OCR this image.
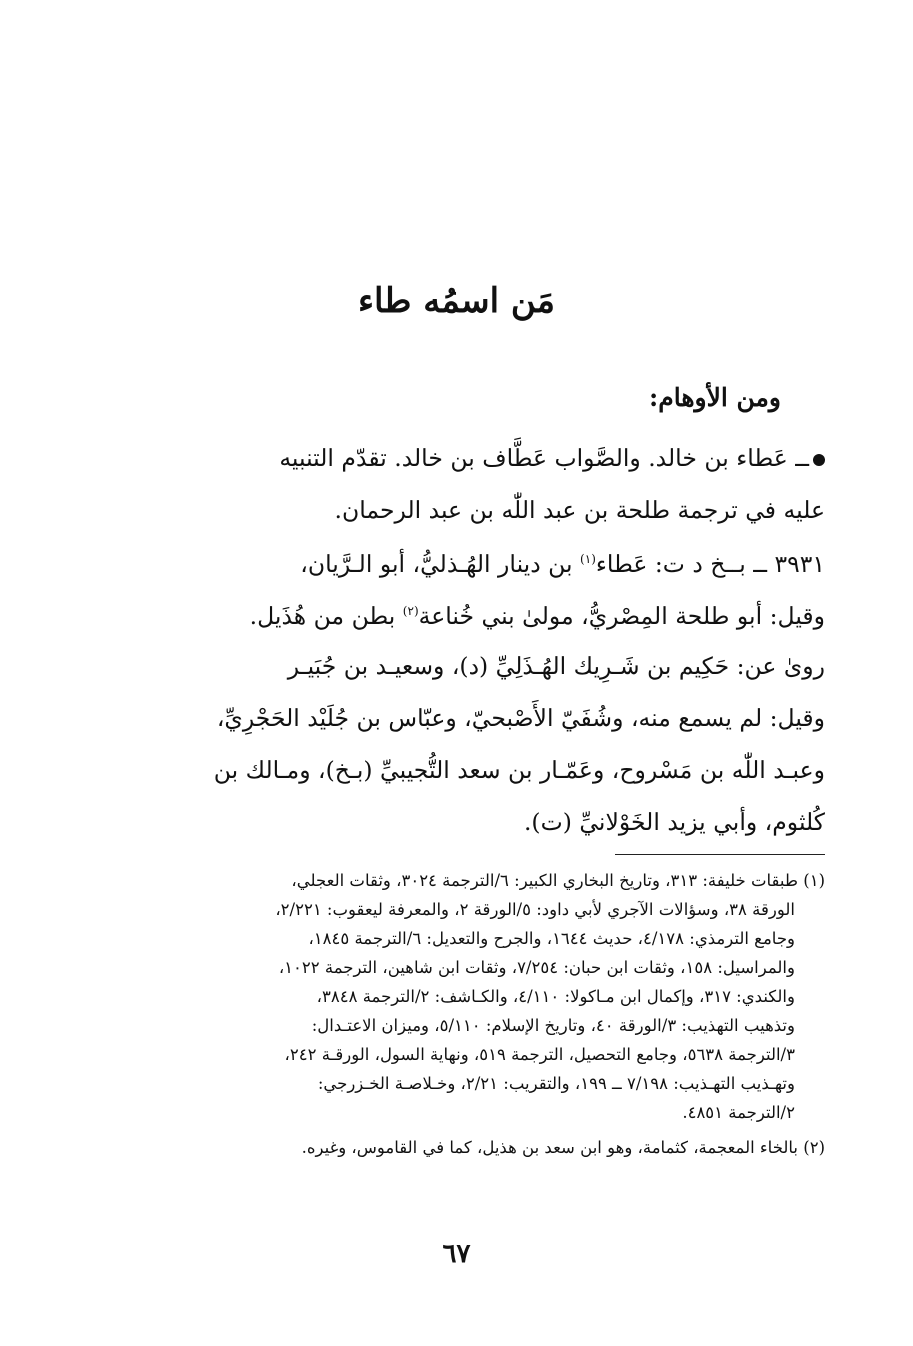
مَن اسمُه طاء
ومن الأوهام:
ــ عَطاء بن خالد. والصَّواب عَطَّاف بن خالد. تقدّم التنبيه
عليه في ترجمة طلحة بن عبد اللّٰه بن عبد الرحمان.
٣٩٣١ ــ بــخ د ت: عَطاء$^{(١)}$ بن دينار الهُـذليُّ، أبو الـرَّيان،
وقيل: أبو طلحة المِصْريُّ، مولىٰ بني خُناعة$^{(٢)}$ بطن من هُذَيل.
روىٰ عن: حَكِيم بن شَـرِيك الهُـذَلِيِّ (د)، وسعيـد بن جُبَيـر
وقيل: لم يسمع منه، وشُفَيّ الأَصْبحيّ، وعبّاس بن جُلَيْد الحَجْرِيِّ،
وعبـد اللّٰه بن مَسْروح، وعَمّـار بن سعد التُّجيبيِّ (بـخ)، ومـالك بن
كُلثوم، وأبي يزيد الخَوْلانيِّ (ت).
(١) طبقات خليفة: ٣١٣، وتاريخ البخاري الكبير: ٦/الترجمة ٣٠٢٤، وثقات العجلي،
الورقة ٣٨، وسؤالات الآجري لأبي داود: ٥/الورقة ٢، والمعرفة ليعقوب: ٢/٢٢١،
وجامع الترمذي: ٤/١٧٨، حديث ١٦٤٤، والجرح والتعديل: ٦/الترجمة ١٨٤٥،
والمراسيل: ١٥٨، وثقات ابن حبان: ٧/٢٥٤، وثقات ابن شاهين، الترجمة ١٠٢٢،
والكندي: ٣١٧، وإكمال ابن مـاكولا: ٤/١١٠، والكـاشف: ٢/الترجمة ٣٨٤٨،
وتذهيب التهذيب: ٣/الورقة ٤٠، وتاريخ الإسلام: ٥/١١٠، وميزان الاعتـدال:
٣/الترجمة ٥٦٣٨، وجامع التحصيل، الترجمة ٥١٩، ونهاية السول، الورقـة ٢٤٢،
وتهـذيب التهـذيب: ٧/١٩٨ ــ ١٩٩، والتقريب: ٢/٢١، وخـلاصـة الخـزرجي:
٢/الترجمة ٤٨٥١.
(٢) بالخاء المعجمة، كثمامة، وهو ابن سعد بن هذيل، كما في القاموس، وغيره.
٦٧
